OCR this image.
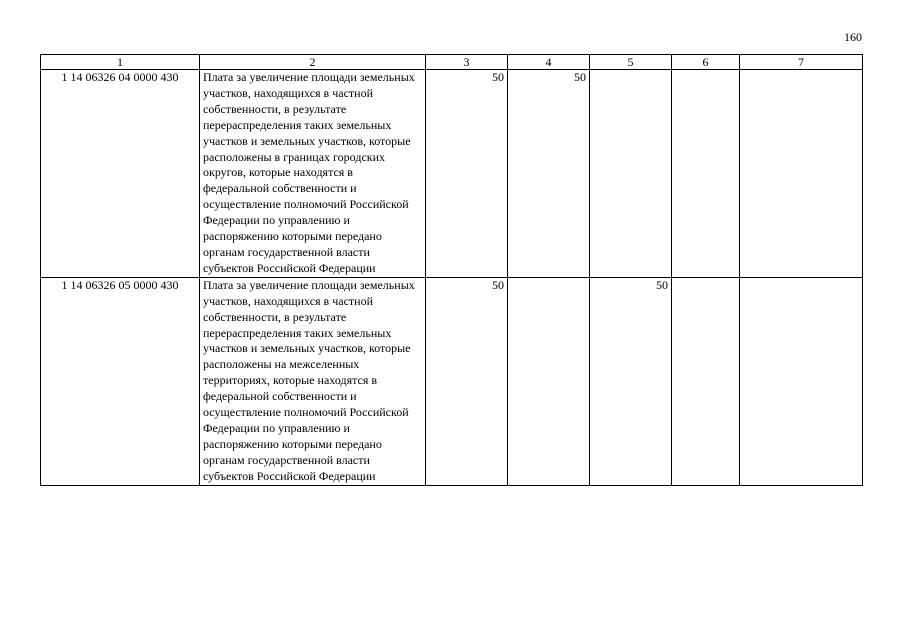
160
1	2	3	4	5	6	7
1 14 06326 04 0000 430	Плата за увеличение площади земельных участков, находящихся в частной собственности, в результате перераспределения таких земельных участков и земельных участков, которые расположены в границах городских округов, которые находятся в федеральной собственности и осуществление полномочий Российской Федерации по управлению и распоряжению которыми передано органам государственной власти субъектов Российской Федерации	50	50			
1 14 06326 05 0000 430	Плата за увеличение площади земельных участков, находящихся в частной собственности, в результате перераспределения таких земельных участков и земельных участков, которые расположены на межселенных территориях, которые находятся в федеральной собственности и осуществление полномочий Российской Федерации по управлению и распоряжению которыми передано органам государственной власти субъектов Российской Федерации	50		50		
